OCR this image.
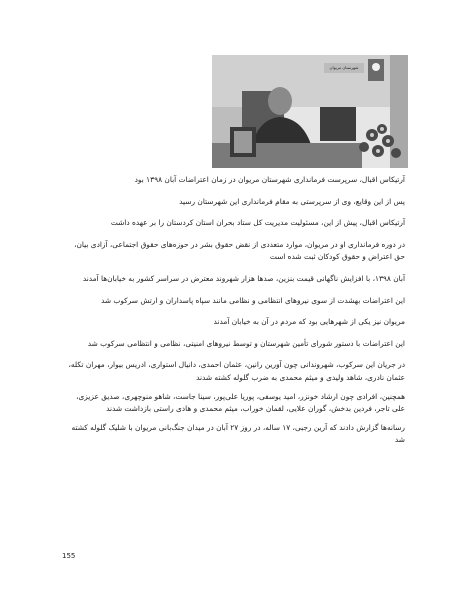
شهرستان مریوان

آرتیکاس اقبال، سرپرست فرمانداری شهرستان مریوان در زمان اعتراضات آبان ۱۳۹۸ بود

پس از این وقایع، وی از سرپرستی به مقام فرمانداری این شهرستان رسید

آرتیکاس اقبال، پیش از این، مسئولیت مدیریت کل ستاد بحران استان کردستان را بر عهده داشت

در دوره فرمانداری او در مریوان، موارد متعددی از نقض حقوق بشر در حوزه‌های حقوق اجتماعی، آزادی بیان، حق اعتراض و حقوق کودکان ثبت شده است

آبان ۱۳۹۸، با افزایش ناگهانی قیمت بنزین، صدها هزار شهروند معترض در سراسر کشور به خیابان‌ها آمدند

این اعتراضات بهشدت از سوی نیروهای انتظامی و نظامی مانند سپاه پاسداران و ارتش سرکوب شد

مریوان نیز یکی از شهرهایی بود که مردم در آن به خیابان آمدند

این اعتراضات با دستور شورای تأمین شهرستان و توسط نیروهای امنیتی، نظامی و انتظامی سرکوب شد

در جریان این سرکوب، شهروندانی چون آورین رانین، عثمان احمدی، دانیال استواری، ادریس بیوار، مهران تکله، عثمان نادری، شاهد ولیدی و میثم محمدی به ضرب گلوله کشته شدند

همچنین، افرادی چون ارشاد خونزر، امید یوسفی، پوریا علی‌پور، سینا جاست، شاهو منوچهری، صدیق عزیزی، علی تاجر، فردین بدخش، گوران علایی، لقمان خوراب، میثم محمدی و هادی راستی بازداشت شدند

رسانه‌ها گزارش دادند که آرین رجبی، ۱۷ ساله، در روز ۲۷ آبان در میدان جنگ‌بانی مریوان با شلیک گلوله کشته شد

155
